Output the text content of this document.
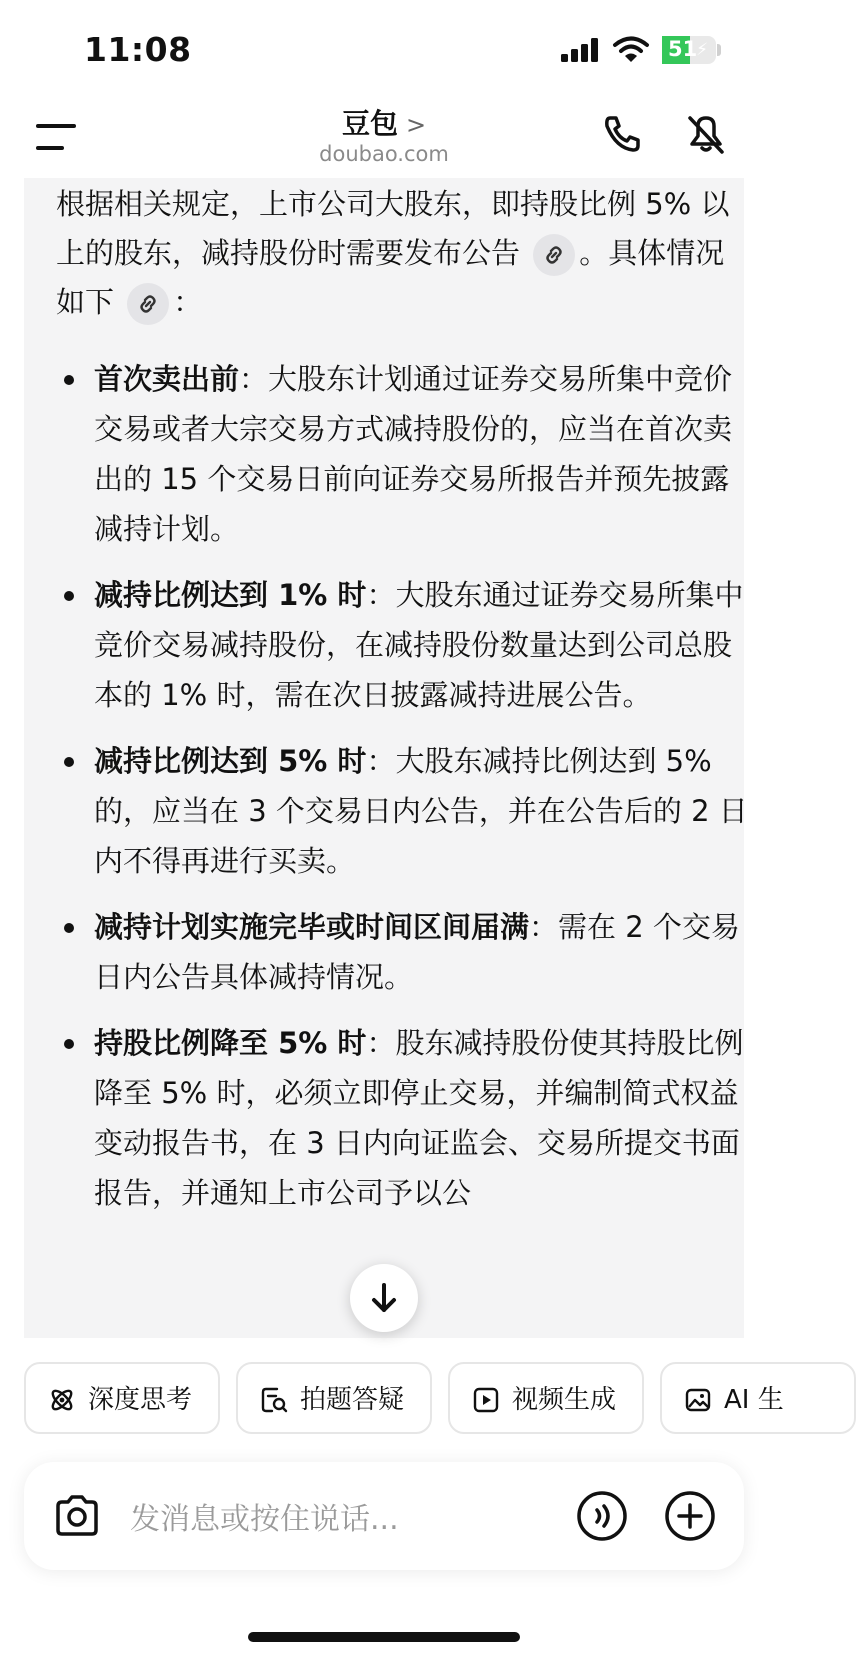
11:08	51
⚡
豆包 >
doubao.com
根据相关规定，上市公司大股东，即持股比例 5% 以上的股东，减持股份时需要发布公告 。具体情况如下 ：
首次卖出前：大股东计划通过证券交易所集中竞价交易或者大宗交易方式减持股份的，应当在首次卖出的 15 个交易日前向证券交易所报告并预先披露减持计划。
减持比例达到 1% 时：大股东通过证券交易所集中竞价交易减持股份，在减持股份数量达到公司总股本的 1% 时，需在次日披露减持进展公告。
减持比例达到 5% 时：大股东减持比例达到 5% 的，应当在 3 个交易日内公告，并在公告后的 2 日内不得再进行买卖。
减持计划实施完毕或时间区间届满：需在 2 个交易日内公告具体减持情况。
持股比例降至 5% 时：股东减持股份使其持股比例降至 5% 时，必须立即停止交易，并编制简式权益变动报告书，在 3 日内向证监会、交易所提交书面报告，并通知上市公司予以公
深度思考	拍题答疑	视频生成	AI 生
发消息或按住说话...
